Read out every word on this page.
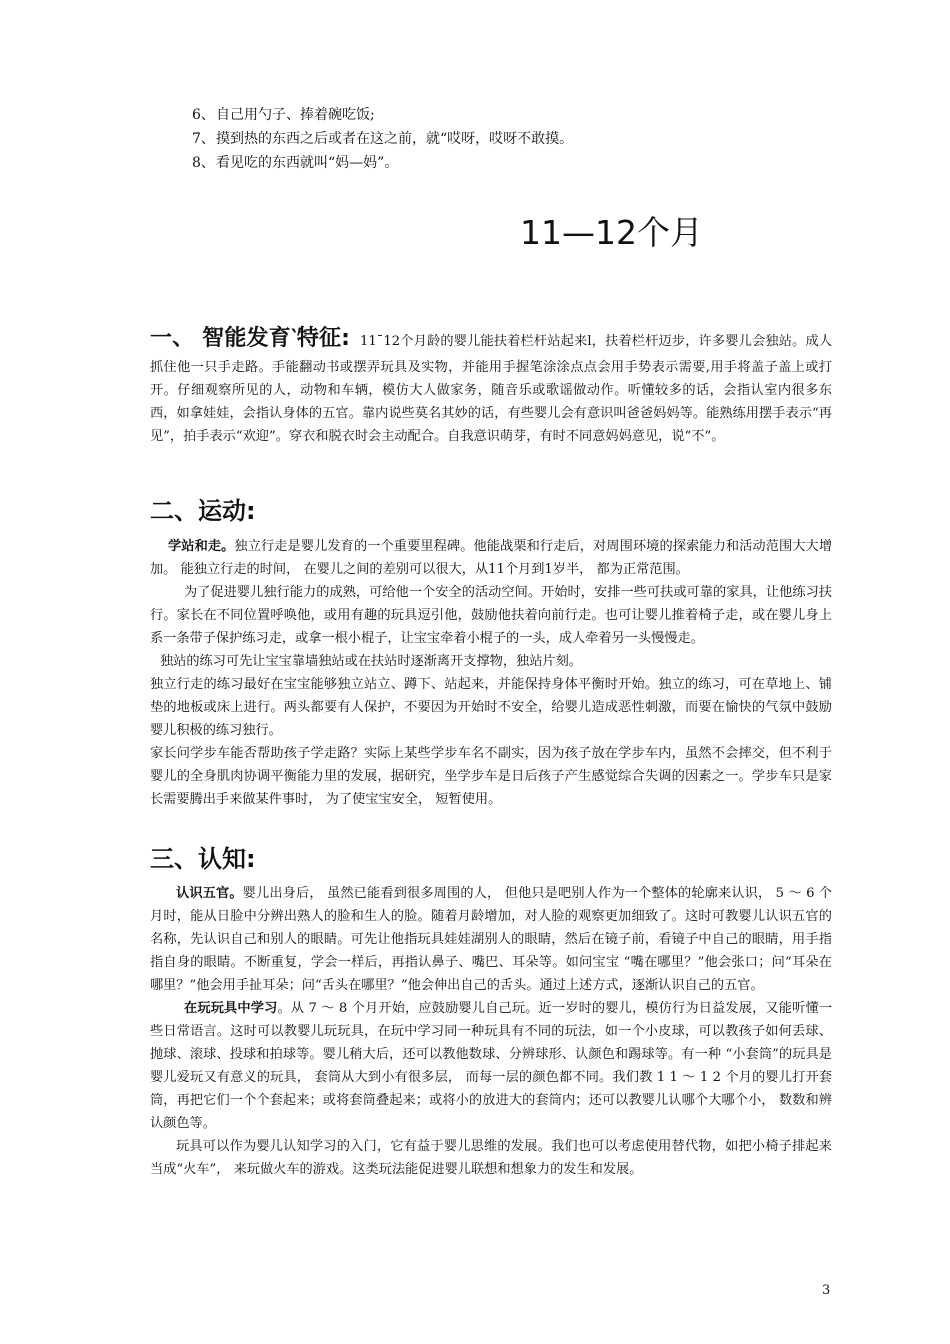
6、自己用勺子、捧着碗吃饭;
7、摸到热的东西之后或者在这之前，就“哎呀，哎呀不敢摸。
8、看见吃的东西就叫“妈—妈”。
11—12个月

一、 智能发育‵特征: 11¯12个月龄的婴儿能扶着栏杆站起来l，扶着栏杆迈步，许多婴儿会独站。成人抓住他一只手走路。手能翻动书或摆弄玩具及实物，并能用手握笔涂涂点点会用手势表示需要,用手将盖子盖上或打开。仔细观察所见的人，动物和车辆，模仿大人做家务，随音乐或歌谣做动作。听懂较多的话，会指认室内很多东西，如拿娃娃，会指认身体的五官。靠内说些莫名其妙的话，有些婴儿会有意识叫爸爸妈妈等。能熟练用摆手表示“再见”，拍手表示“欢迎”。穿衣和脱衣时会主动配合。自我意识萌芽，有时不同意妈妈意见，说“不”。

二、运动:

学站和走。独立行走是婴儿发育的一个重要里程碑。他能战栗和行走后，对周围环境的探索能力和活动范围大大增加。 能独立行走的时间， 在婴儿之间的差别可以很大，从11个月到1岁半， 都为正常范围。

为了促进婴儿独行能力的成熟，可给他一个安全的活动空间。开始时，安排一些可扶或可靠的家具，让他练习扶行。家长在不同位置呼唤他，或用有趣的玩具逗引他，鼓励他扶着向前行走。也可让婴儿推着椅子走，或在婴儿身上系一条带子保护练习走，或拿一根小棍子，让宝宝牵着小棍子的一头，成人牵着另一头慢慢走。

独站的练习可先让宝宝靠墙独站或在扶站时逐渐离开支撑物，独站片刻。

独立行走的练习最好在宝宝能够独立站立、蹲下、站起来，并能保持身体平衡时开始。独立的练习，可在草地上、铺垫的地板或床上进行。两头都要有人保护，不要因为开始时不安全，给婴儿造成恶性刺激，而要在愉快的气氛中鼓励婴儿积极的练习独行。

家长问学步车能否帮助孩子学走路？实际上某些学步车名不副实，因为孩子放在学步车内，虽然不会摔交，但不利于婴儿的全身肌肉协调平衡能力里的发展，据研究，坐学步车是日后孩子产生感觉综合失调的因素之一。学步车只是家长需要腾出手来做某件事时， 为了使宝宝安全， 短暂使用。

三、认知:

认识五官。婴儿出身后， 虽然已能看到很多周围的人， 但他只是吧别人作为一个整体的轮廓来认识， 5 ～ 6 个月时，能从日脸中分辨出熟人的脸和生人的脸。随着月龄增加，对人脸的观察更加细致了。这时可教婴儿认识五官的名称，先认识自己和别人的眼睛。可先让他指玩具娃娃湖别人的眼睛，然后在镜子前，看镜子中自己的眼睛，用手指指自身的眼睛。不断重复，学会一样后，再指认鼻子、嘴巴、耳朵等。如问宝宝 “嘴在哪里？”他会张口；问“耳朵在哪里？”他会用手扯耳朵；问“舌头在哪里？”他会伸出自己的舌头。通过上述方式，逐渐认识自己的五官。

在玩玩具中学习。从 7 ～ 8 个月开始，应鼓励婴儿自己玩。近一岁时的婴儿，模仿行为日益发展，又能听懂一些日常语言。这时可以教婴儿玩玩具，在玩中学习同一种玩具有不同的玩法，如一个小皮球，可以教孩子如何丢球、抛球、滚球、投球和拍球等。婴儿稍大后，还可以教他数球、分辨球形、认颜色和踢球等。有一种 “小套筒”的玩具是婴儿爱玩又有意义的玩具， 套筒从大到小有很多层， 而每一层的颜色都不同。我们教 1 1 ～ 1 2 个月的婴儿打开套筒，再把它们一个个套起来；或将套筒叠起来；或将小的放进大的套筒内；还可以教婴儿认哪个大哪个小， 数数和辨认颜色等。

玩具可以作为婴儿认知学习的入门，它有益于婴儿思维的发展。我们也可以考虑使用替代物，如把小椅子排起来当成“火车”， 来玩做火车的游戏。这类玩法能促进婴儿联想和想象力的发生和发展。

3
